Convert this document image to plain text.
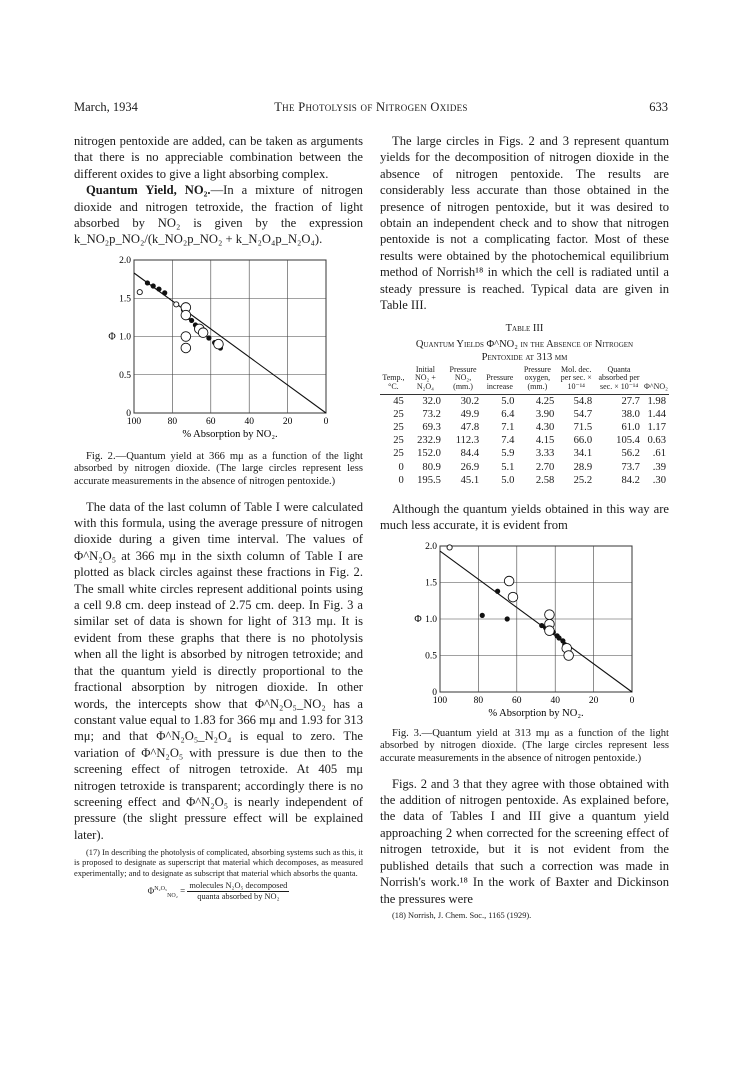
March, 1934	The Photolysis of Nitrogen Oxides	633

nitrogen pentoxide are added, can be taken as arguments that there is no appreciable combination between the different oxides to give a light absorbing complex.

Quantum Yield, NO₂.—In a mixture of nitrogen dioxide and nitrogen tetroxide, the fraction of light absorbed by NO₂ is given by the expression k_NO₂p_NO₂/(k_NO₂p_NO₂ + k_N₂O₄p_N₂O₄).

100	80	60	40	20	0
0
0.5
1.0
1.5
2.0
Φ
% Absorption by NO₂.

Fig. 2.—Quantum yield at 366 mμ as a function of the light absorbed by nitrogen dioxide. (The large circles represent less accurate measurements in the absence of nitrogen pentoxide.)

The data of the last column of Table I were calculated with this formula, using the average pressure of nitrogen dioxide during a given time interval. The values of Φ^N₂O₅ at 366 mμ in the sixth column of Table I are plotted as black circles against these fractions in Fig. 2. The small white circles represent additional points using a cell 9.8 cm. deep instead of 2.75 cm. deep. In Fig. 3 a similar set of data is shown for light of 313 mμ. It is evident from these graphs that there is no photolysis when all the light is absorbed by nitrogen tetroxide; and that the quantum yield is directly proportional to the fractional absorption by nitrogen dioxide. In other words, the intercepts show that Φ^N₂O₅_NO₂ has a constant value equal to 1.83 for 366 mμ and 1.93 for 313 mμ; and that Φ^N₂O₅_N₂O₄ is equal to zero. The variation of Φ^N₂O₅ with pressure is due then to the screening effect of nitrogen tetroxide. At 405 mμ nitrogen tetroxide is transparent; accordingly there is no screening effect and Φ^N₂O₅ is nearly independent of pressure (the slight pressure effect will be explained later).

(17) In describing the photolysis of complicated, absorbing systems such as this, it is proposed to designate as superscript that material which decomposes, as measured experimentally; and to designate as subscript that material which absorbs the quanta.

$\Phi^{N_2O_5}_{NO_2} = \frac{\text{molecules N₂O₅ decomposed}}{\text{quanta absorbed by NO₂}}$

The large circles in Figs. 2 and 3 represent quantum yields for the decomposition of nitrogen dioxide in the absence of nitrogen pentoxide. The results are considerably less accurate than those obtained in the presence of nitrogen pentoxide, but it was desired to obtain an independent check and to show that nitrogen pentoxide is not a complicating factor. Most of these results were obtained by the photochemical equilibrium method of Norrish¹⁸ in which the cell is radiated until a steady pressure is reached. Typical data are given in Table III.

Table III
Quantum Yields Φ^NO₂ in the Absence of Nitrogen
Pentoxide at 313 mμ
Temp., °C.	Initial NO₂ + N₂O₄	Pressure NO₂, (mm.)	Pressure increase	Pressure oxygen, (mm.)	Mol. dec. per sec. × 10⁻¹⁴	Quanta absorbed per sec. × 10⁻¹⁴	Φ^NO₂
45	32.0	30.2	5.0	4.25	54.8	27.7	1.98
25	73.2	49.9	6.4	3.90	54.7	38.0	1.44
25	69.3	47.8	7.1	4.30	71.5	61.0	1.17
25	232.9	112.3	7.4	4.15	66.0	105.4	0.63
25	152.0	84.4	5.9	3.33	34.1	56.2	.61
0	80.9	26.9	5.1	2.70	28.9	73.7	.39
0	195.5	45.1	5.0	2.58	25.2	84.2	.30

Although the quantum yields obtained in this way are much less accurate, it is evident from

100	80	60	40	20	0
0
0.5
1.0
1.5
2.0
Φ
% Absorption by NO₂.

Fig. 3.—Quantum yield at 313 mμ as a function of the light absorbed by nitrogen dioxide. (The large circles represent less accurate measurements in the absence of nitrogen pentoxide.)

Figs. 2 and 3 that they agree with those obtained with the addition of nitrogen pentoxide. As explained before, the data of Tables I and III give a quantum yield approaching 2 when corrected for the screening effect of nitrogen tetroxide, but it is not evident from the published details that such a correction was made in Norrish's work.¹⁸ In the work of Baxter and Dickinson the pressures were

(18) Norrish, J. Chem. Soc., 1165 (1929).
